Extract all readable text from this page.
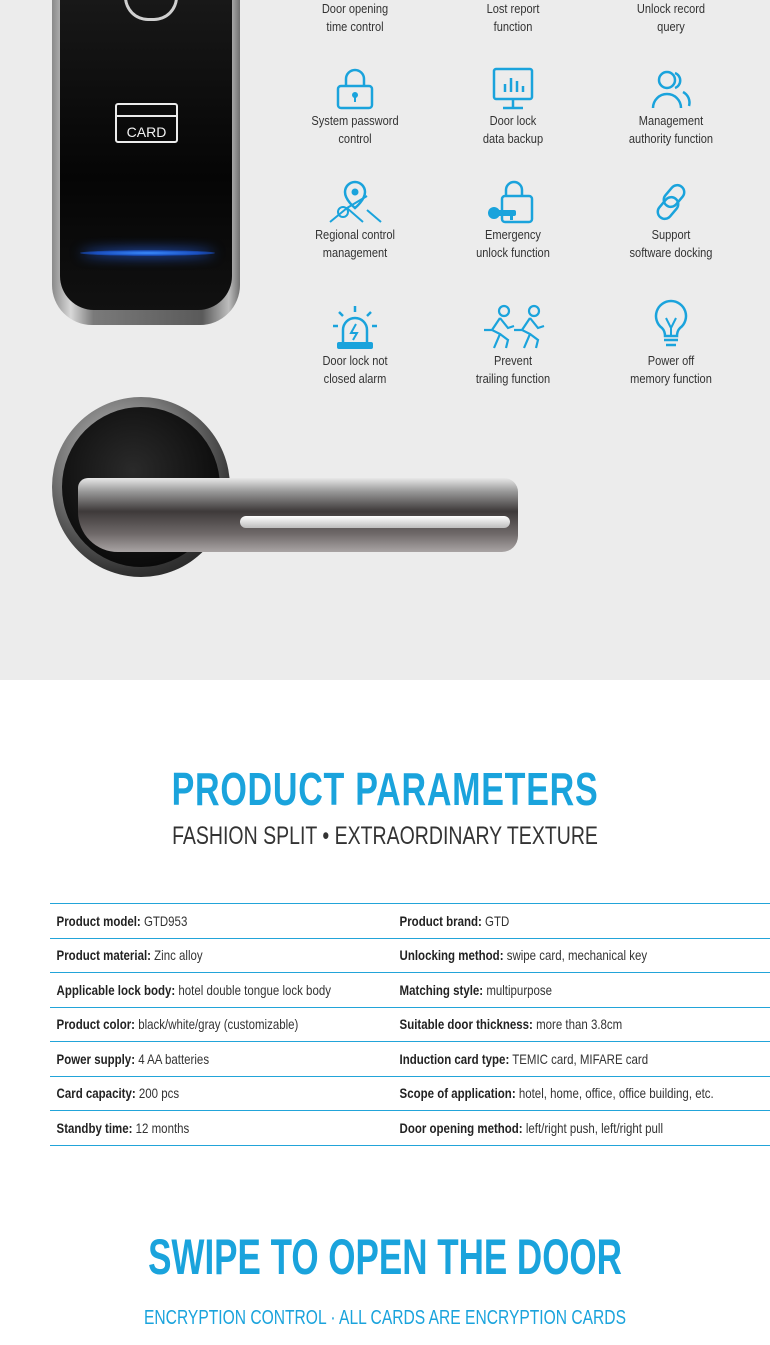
CARD
Door opening
time control
Lost report
function
Unlock record
query
System password
control
Door lock
data backup
Management
authority function
Regional control
management
Emergency
unlock function
Support
software docking
Door lock not
closed alarm
Prevent
trailing function
Power off
memory function
PRODUCT PARAMETERS

FASHION SPLIT • EXTRAORDINARY TEXTURE

Product model: GTD953	Product brand: GTD
Product material: Zinc alloy	Unlocking method: swipe card, mechanical key
Applicable lock body: hotel double tongue lock body	Matching style: multipurpose
Product color: black/white/gray (customizable)	Suitable door thickness: more than 3.8cm
Power supply: 4 AA batteries	Induction card type: TEMIC card, MIFARE card
Card capacity: 200 pcs	Scope of application: hotel, home, office, office building, etc.
Standby time: 12 months	Door opening method: left/right push, left/right pull
SWIPE TO OPEN THE DOOR

ENCRYPTION CONTROL · ALL CARDS ARE ENCRYPTION CARDS
